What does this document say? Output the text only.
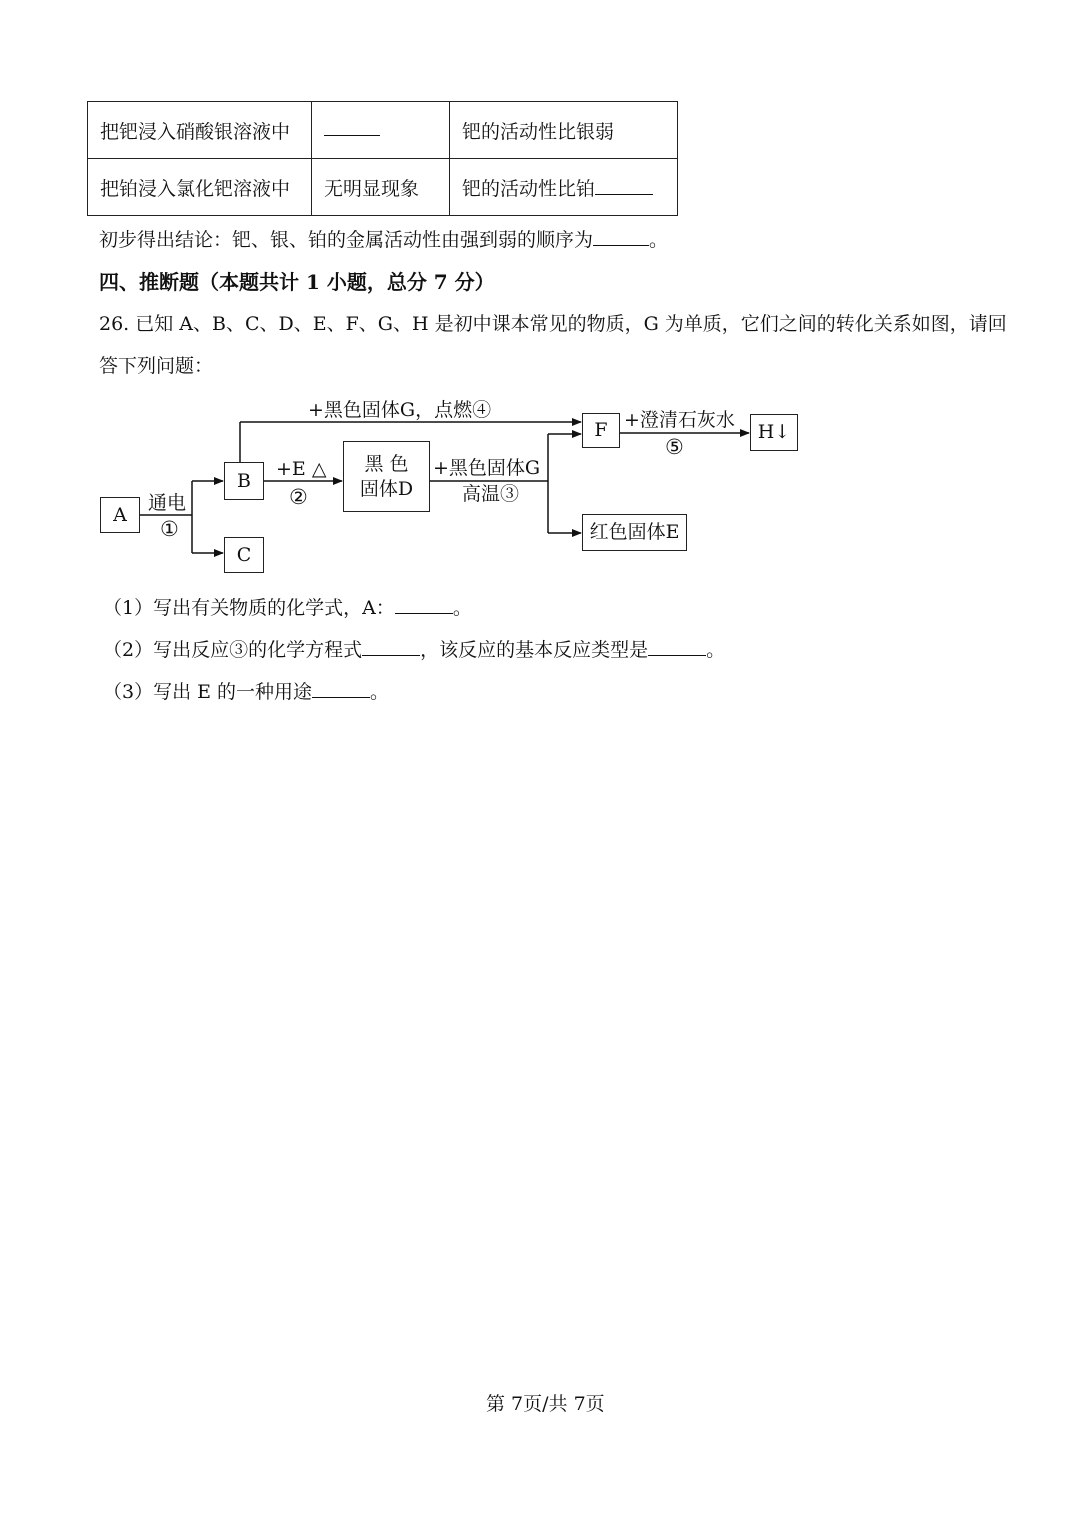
把钯浸入硝酸银溶液中		钯的活动性比银弱
把铂浸入氯化钯溶液中	无明显现象	钯的活动性比铂
初步得出结论：钯、银、铂的金属活动性由强到弱的顺序为	。
四、推断题（本题共计 1 小题，总分 7 分）
26. 已知 A、B、C、D、E、F、G、H 是初中课本常见的物质，G 为单质，它们之间的转化关系如图，请回
答下列问题：
A
B
C
黑 色
固体D
F	H↓
红色固体E
+黑色固体G，点燃④
通电
①
+E △
②
+黑色固体G
高温③
+澄清石灰水
⑤
（1）写出有关物质的化学式，A：	。
（2）写出反应③的化学方程式	，该反应的基本反应类型是	。
（3）写出 E 的一种用途	。
第 7页/共 7页
